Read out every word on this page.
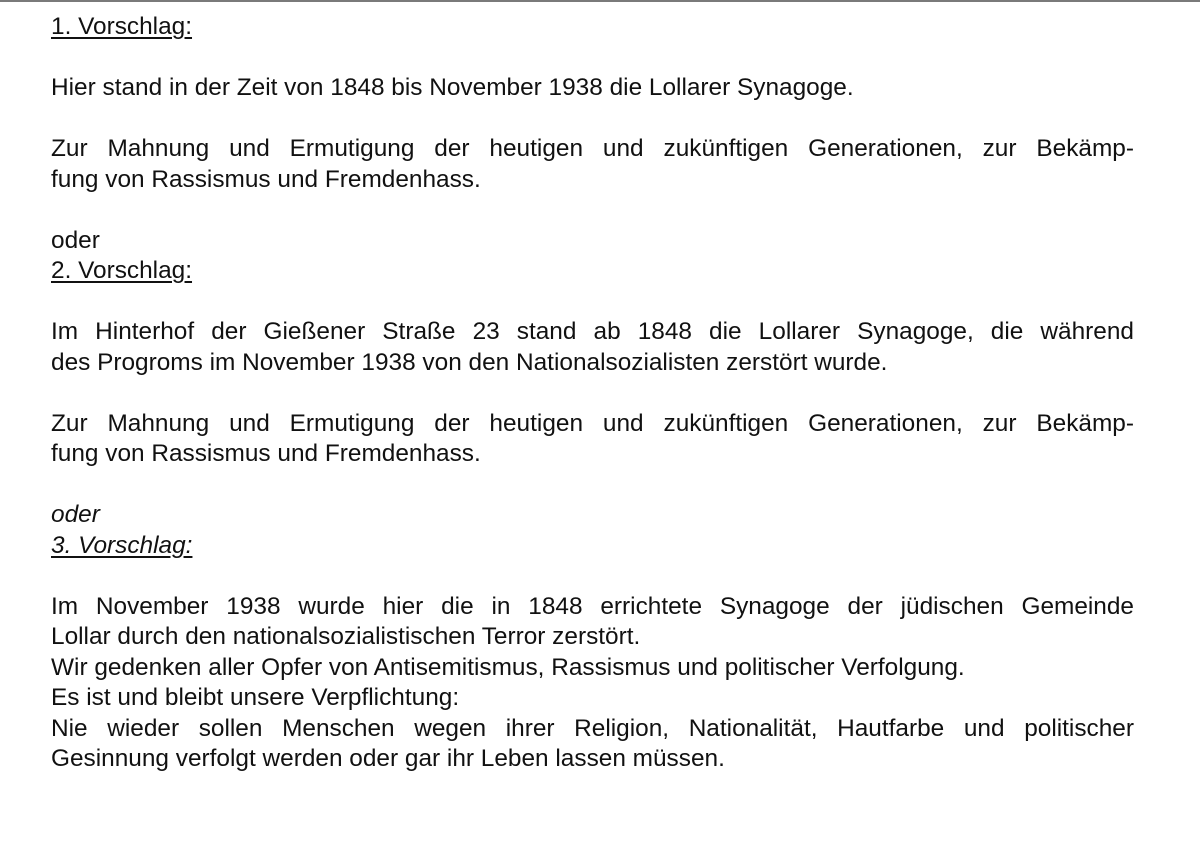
1. Vorschlag:
Hier stand in der Zeit von 1848 bis November 1938 die Lollarer Synagoge.
Zur Mahnung und Ermutigung der heutigen und zukünftigen Generationen, zur Bekämp-
fung von Rassismus und Fremdenhass.
oder
2. Vorschlag:
Im Hinterhof der Gießener Straße 23 stand ab 1848 die Lollarer Synagoge, die während
des Progroms im November 1938 von den Nationalsozialisten zerstört wurde.
Zur Mahnung und Ermutigung der heutigen und zukünftigen Generationen, zur Bekämp-
fung von Rassismus und Fremdenhass.
oder
3. Vorschlag:
Im November 1938 wurde hier die in 1848 errichtete Synagoge der jüdischen Gemeinde
Lollar durch den nationalsozialistischen Terror zerstört.
Wir gedenken aller Opfer von Antisemitismus, Rassismus und politischer Verfolgung.
Es ist und bleibt unsere Verpflichtung:
Nie wieder sollen Menschen wegen ihrer Religion, Nationalität, Hautfarbe und politischer
Gesinnung verfolgt werden oder gar ihr Leben lassen müssen.
